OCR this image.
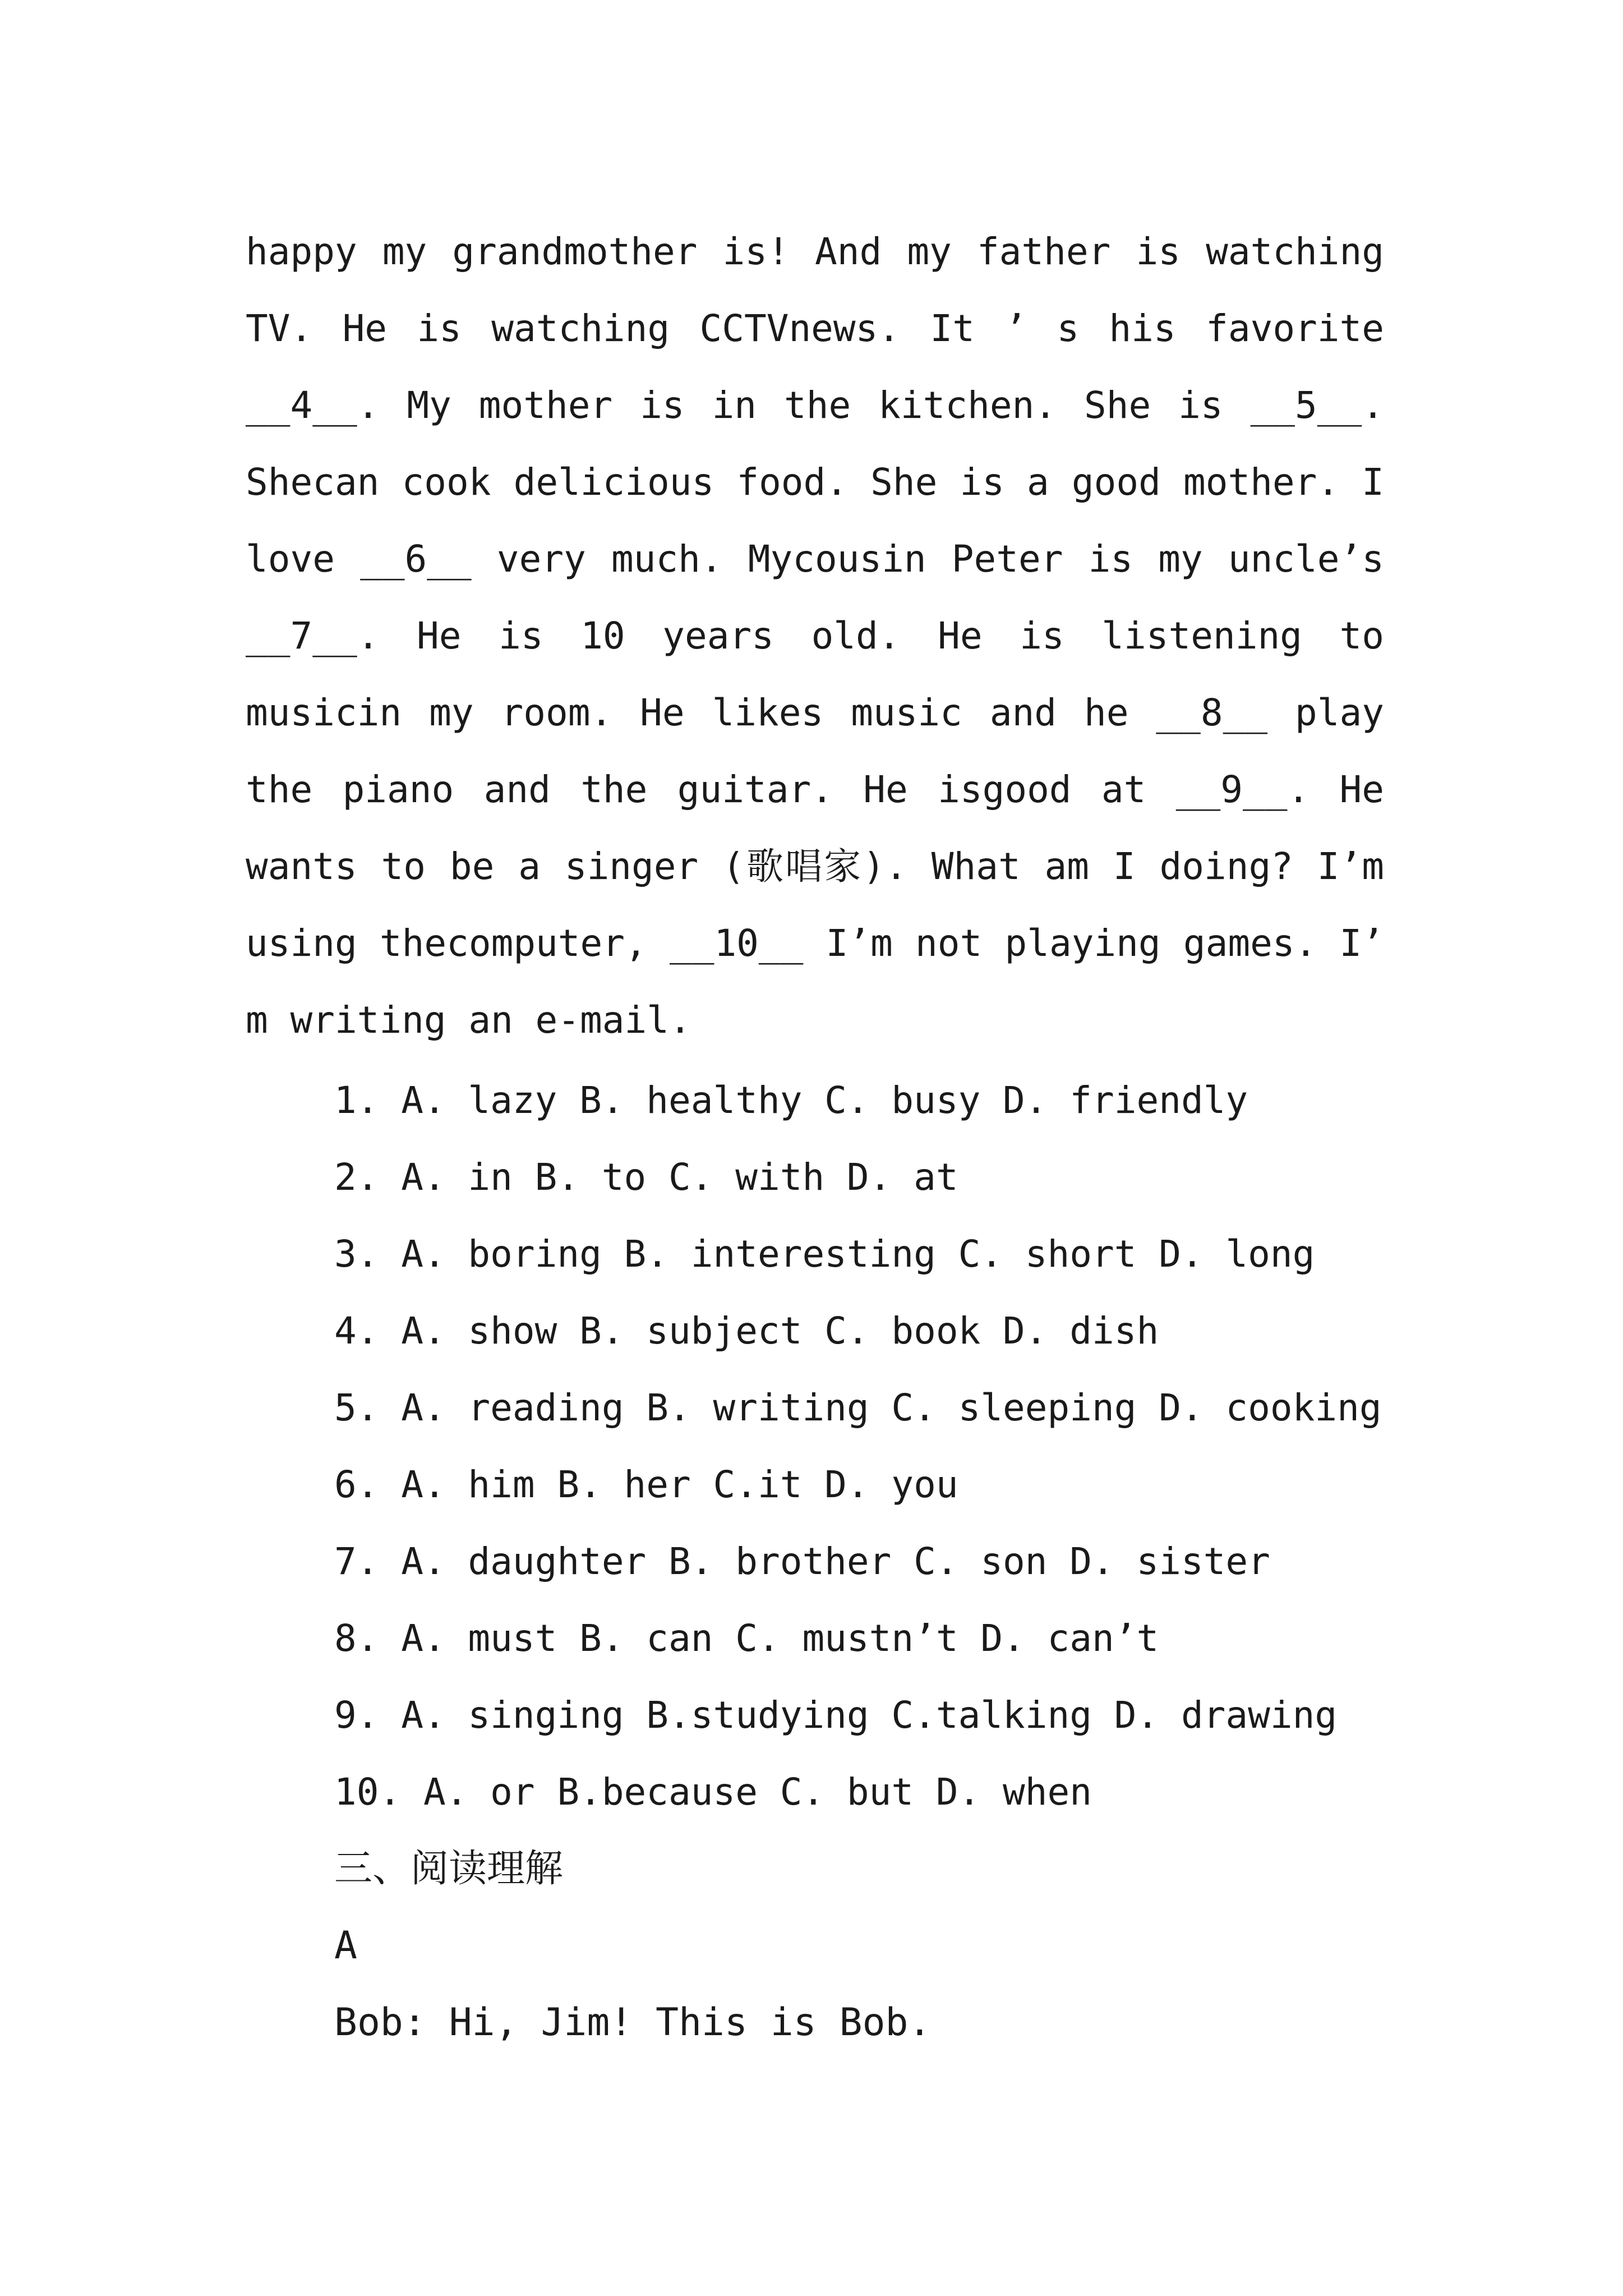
happy my grandmother is! And my father is watching
TV. He is watching CCTVnews. It ’ s his favorite
__4__. My mother is in the kitchen. She is __5__.
Shecan cook delicious food. She is a good mother. I
love __6__ very much. Mycousin Peter is my uncle’s
__7__. He is 10 years old. He is listening to
musicin my room. He likes music and he __8__ play
the piano and the guitar. He isgood at __9__. He
wants to be a singer (歌唱家). What am I doing? I’m
using thecomputer, __10__ I’m not playing games. I’
m writing an e-mail.
1. A. lazy B. healthy C. busy D. friendly
2. A. in B. to C. with D. at
3. A. boring B. interesting C. short D. long
4. A. show B. subject C. book D. dish
5. A. reading B. writing C. sleeping D. cooking
6. A. him B. her C.it D. you
7. A. daughter B. brother C. son D. sister
8. A. must B. can C. mustn’t D. can’t
9. A. singing B.studying C.talking D. drawing
10. A. or B.because C. but D. when
三、阅读理解
A
Bob: Hi, Jim! This is Bob.
